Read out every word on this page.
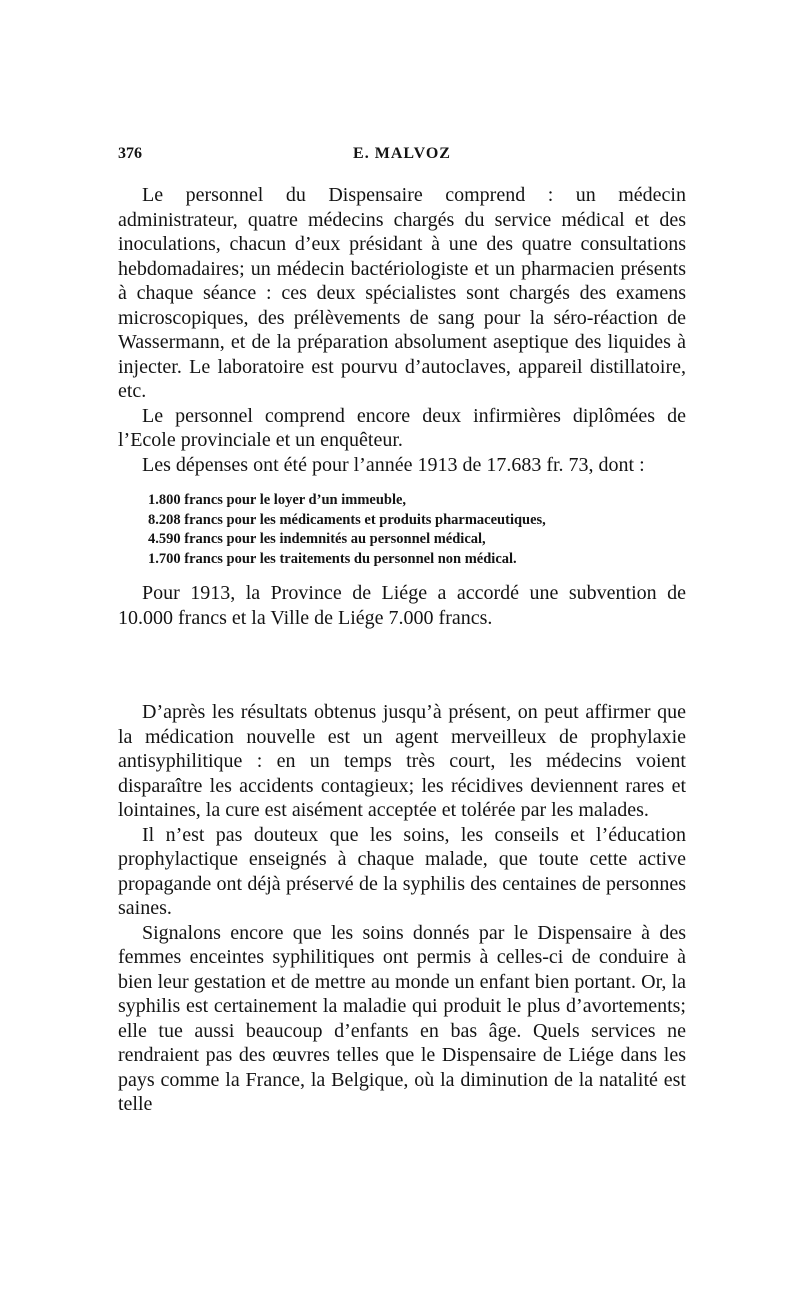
376	E. MALVOZ

Le personnel du Dispensaire comprend : un médecin administrateur, quatre médecins chargés du service médical et des inoculations, chacun d’eux présidant à une des quatre consultations hebdomadaires; un médecin bactériologiste et un pharmacien présents à chaque séance : ces deux spécialistes sont chargés des examens microscopiques, des prélèvements de sang pour la séro-réaction de Wassermann, et de la préparation absolument aseptique des liquides à injecter. Le laboratoire est pourvu d’autoclaves, appareil distillatoire, etc.

Le personnel comprend encore deux infirmières diplômées de l’Ecole provinciale et un enquêteur.

Les dépenses ont été pour l’année 1913 de 17.683 fr. 73, dont :

1.800 francs pour le loyer d’un immeuble,
8.208 francs pour les médicaments et produits pharmaceutiques,
4.590 francs pour les indemnités au personnel médical,
1.700 francs pour les traitements du personnel non médical.

Pour 1913, la Province de Liége a accordé une subvention de 10.000 francs et la Ville de Liége 7.000 francs.

D’après les résultats obtenus jusqu’à présent, on peut affirmer que la médication nouvelle est un agent merveilleux de prophylaxie antisyphilitique : en un temps très court, les médecins voient disparaître les accidents contagieux; les récidives deviennent rares et lointaines, la cure est aisément acceptée et tolérée par les malades.

Il n’est pas douteux que les soins, les conseils et l’éducation prophylactique enseignés à chaque malade, que toute cette active propagande ont déjà préservé de la syphilis des centaines de personnes saines.

Signalons encore que les soins donnés par le Dispensaire à des femmes enceintes syphilitiques ont permis à celles-ci de conduire à bien leur gestation et de mettre au monde un enfant bien portant. Or, la syphilis est certainement la maladie qui produit le plus d’avortements; elle tue aussi beaucoup d’enfants en bas âge. Quels services ne rendraient pas des œuvres telles que le Dispensaire de Liége dans les pays comme la France, la Belgique, où la diminution de la natalité est telle
